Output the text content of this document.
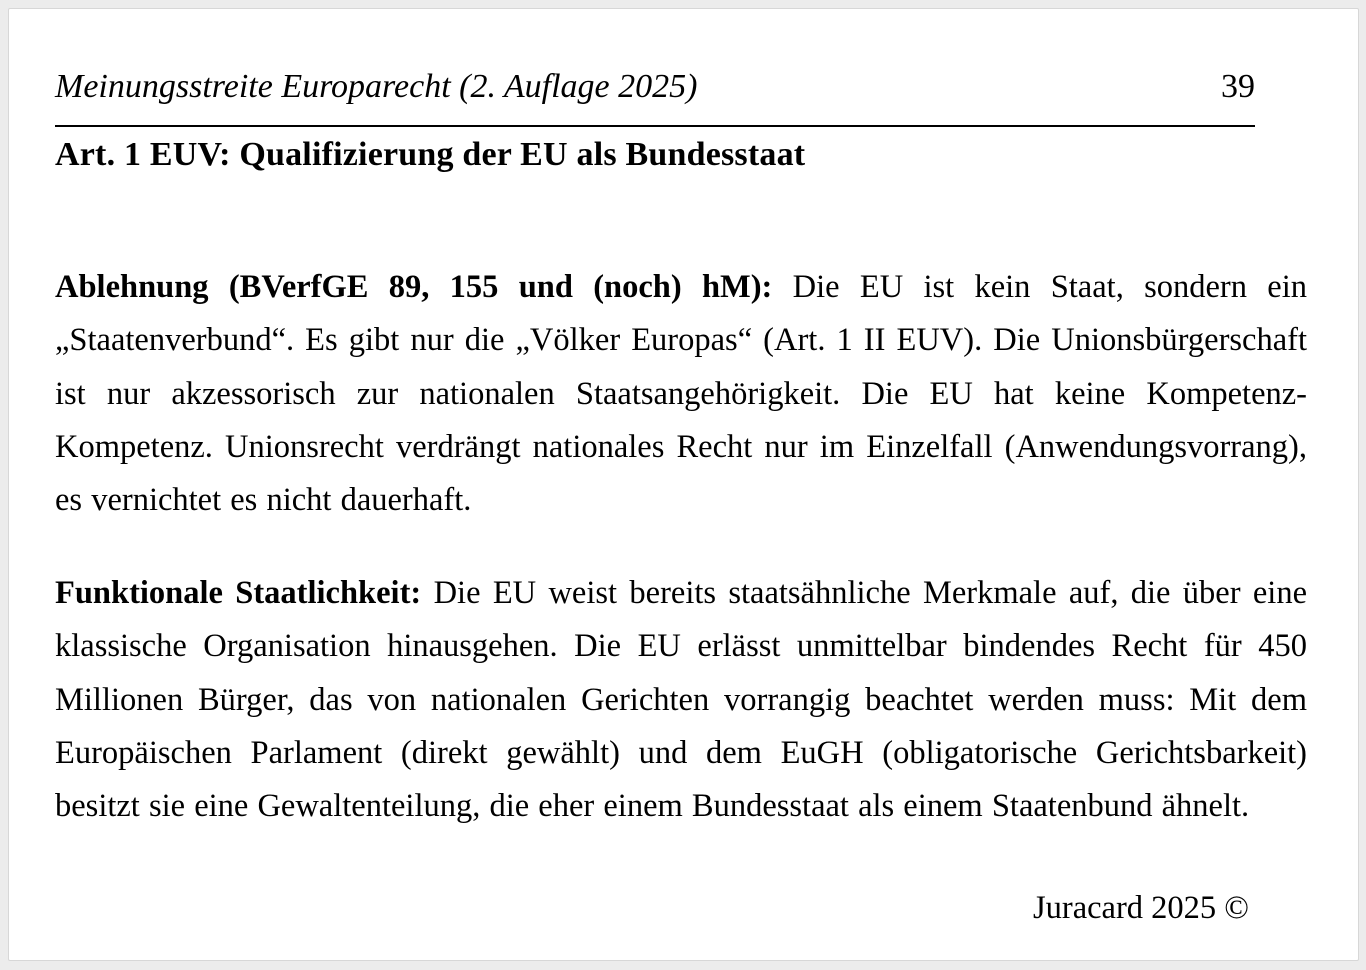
Meinungsstreite Europarecht (2. Auflage 2025)	39
Art. 1 EUV: Qualifizierung der EU als Bundesstaat

Ablehnung (BVerfGE 89, 155 und (noch) hM): Die EU ist kein Staat, sondern ein „Staatenverbund“. Es gibt nur die „Völker Europas“ (Art. 1 II EUV). Die Unionsbürgerschaft ist nur akzessorisch zur nationalen Staatsangehörigkeit. Die EU hat keine Kompetenz-Kompetenz. Unionsrecht verdrängt nationales Recht nur im Einzelfall (Anwendungsvorrang), es vernichtet es nicht dauerhaft.

Funktionale Staatlichkeit: Die EU weist bereits staatsähnliche Merkmale auf, die über eine klassische Organisation hinausgehen. Die EU erlässt unmittelbar bindendes Recht für 450 Millionen Bürger, das von nationalen Gerichten vorrangig beachtet werden muss: Mit dem Europäischen Parlament (direkt gewählt) und dem EuGH (obligatorische Gerichtsbarkeit) besitzt sie eine Gewaltenteilung, die eher einem Bundesstaat als einem Staatenbund ähnelt.

Juracard 2025 ©
